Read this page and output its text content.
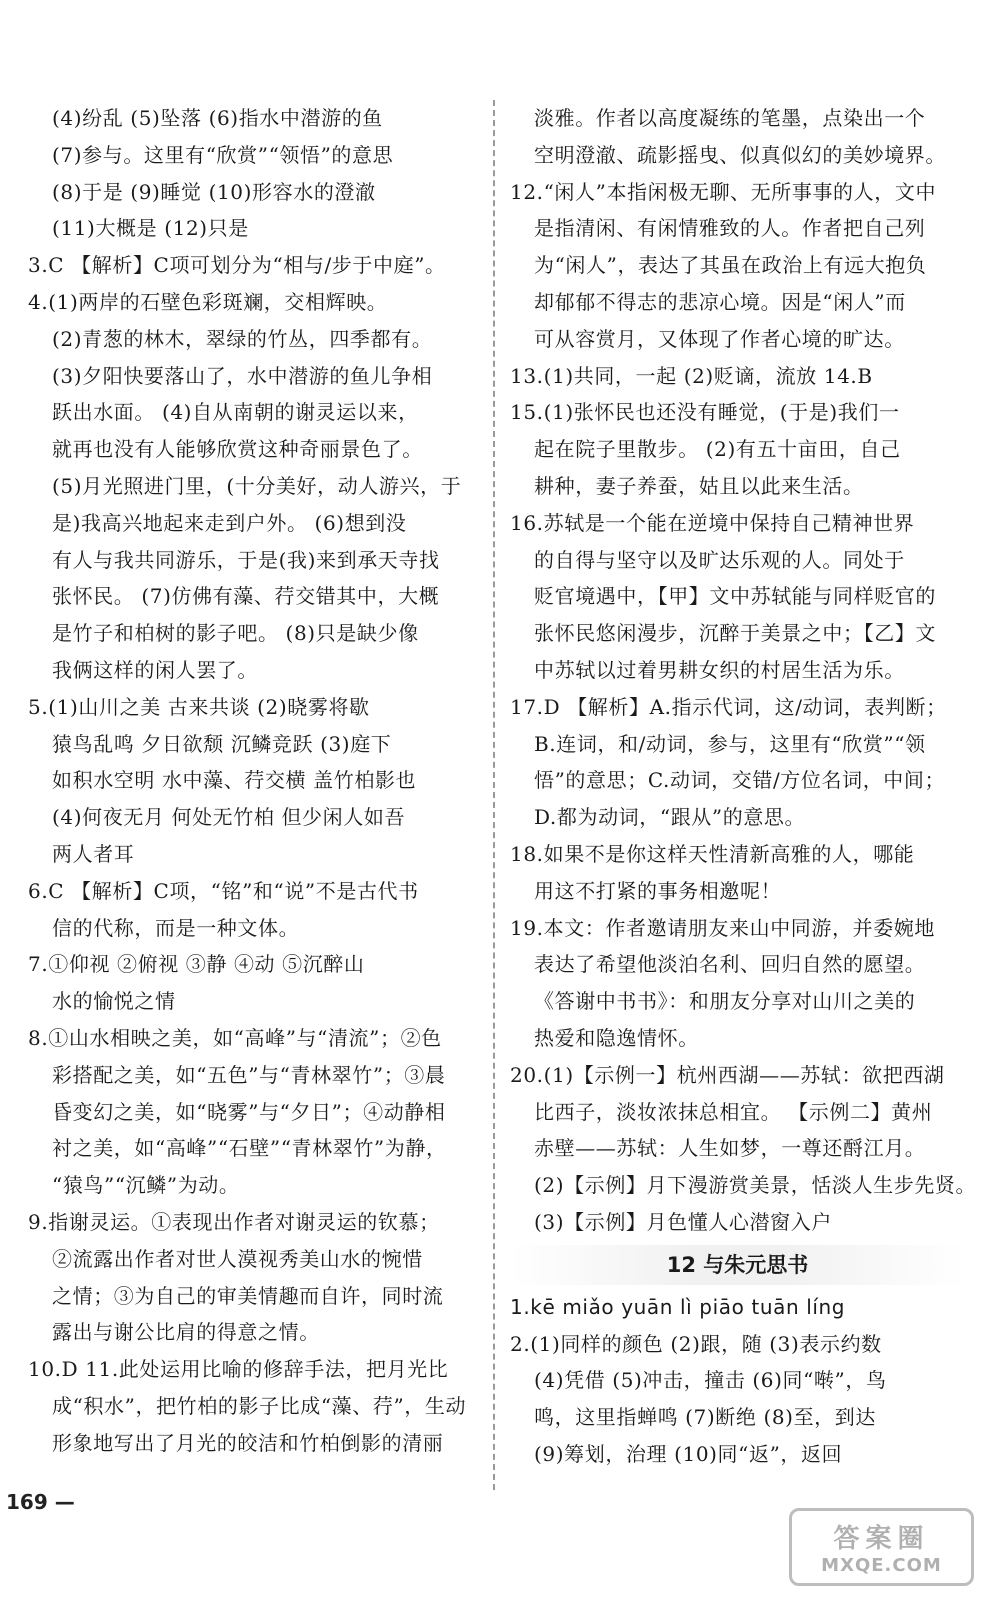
(4)纷乱 (5)坠落 (6)指水中潜游的鱼
(7)参与。这里有“欣赏”“领悟”的意思
(8)于是 (9)睡觉 (10)形容水的澄澈
(11)大概是 (12)只是
3.C 【解析】C项可划分为“相与/步于中庭”。
4.(1)两岸的石壁色彩斑斓，交相辉映。
(2)青葱的林木，翠绿的竹丛，四季都有。
(3)夕阳快要落山了，水中潜游的鱼儿争相
跃出水面。 (4)自从南朝的谢灵运以来，
就再也没有人能够欣赏这种奇丽景色了。
(5)月光照进门里，(十分美好，动人游兴，于
是)我高兴地起来走到户外。 (6)想到没
有人与我共同游乐，于是(我)来到承天寺找
张怀民。 (7)仿佛有藻、荇交错其中，大概
是竹子和柏树的影子吧。 (8)只是缺少像
我俩这样的闲人罢了。
5.(1)山川之美 古来共谈 (2)晓雾将歇
猿鸟乱鸣 夕日欲颓 沉鳞竞跃 (3)庭下
如积水空明 水中藻、荇交横 盖竹柏影也
(4)何夜无月 何处无竹柏 但少闲人如吾
两人者耳
6.C 【解析】C项，“铭”和“说”不是古代书
信的代称，而是一种文体。
7.①仰视 ②俯视 ③静 ④动 ⑤沉醉山
水的愉悦之情
8.①山水相映之美，如“高峰”与“清流”；②色
彩搭配之美，如“五色”与“青林翠竹”；③晨
昏变幻之美，如“晓雾”与“夕日”；④动静相
衬之美，如“高峰”“石壁”“青林翠竹”为静，
“猿鸟”“沉鳞”为动。
9.指谢灵运。①表现出作者对谢灵运的钦慕；
②流露出作者对世人漠视秀美山水的惋惜
之情；③为自己的审美情趣而自许，同时流
露出与谢公比肩的得意之情。
10.D 11.此处运用比喻的修辞手法，把月光比
成“积水”，把竹柏的影子比成“藻、荇”，生动
形象地写出了月光的皎洁和竹柏倒影的清丽
淡雅。作者以高度凝练的笔墨，点染出一个
空明澄澈、疏影摇曳、似真似幻的美妙境界。
12.“闲人”本指闲极无聊、无所事事的人，文中
是指清闲、有闲情雅致的人。作者把自己列
为“闲人”，表达了其虽在政治上有远大抱负
却郁郁不得志的悲凉心境。因是“闲人”而
可从容赏月，又体现了作者心境的旷达。
13.(1)共同，一起 (2)贬谪，流放 14.B
15.(1)张怀民也还没有睡觉，(于是)我们一
起在院子里散步。 (2)有五十亩田，自己
耕种，妻子养蚕，姑且以此来生活。
16.苏轼是一个能在逆境中保持自己精神世界
的自得与坚守以及旷达乐观的人。同处于
贬官境遇中，【甲】文中苏轼能与同样贬官的
张怀民悠闲漫步，沉醉于美景之中；【乙】文
中苏轼以过着男耕女织的村居生活为乐。
17.D 【解析】A.指示代词，这/动词，表判断；
B.连词，和/动词，参与，这里有“欣赏”“领
悟”的意思；C.动词，交错/方位名词，中间；
D.都为动词，“跟从”的意思。
18.如果不是你这样天性清新高雅的人，哪能
用这不打紧的事务相邀呢！
19.本文：作者邀请朋友来山中同游，并委婉地
表达了希望他淡泊名利、回归自然的愿望。
《答谢中书书》：和朋友分享对山川之美的
热爱和隐逸情怀。
20.(1)【示例一】杭州西湖——苏轼：欲把西湖
比西子，淡妆浓抹总相宜。 【示例二】黄州
赤壁——苏轼：人生如梦，一尊还酹江月。
(2)【示例】月下漫游赏美景，恬淡人生步先贤。
(3)【示例】月色懂人心潜窗入户
12 与朱元思书
1.kē miǎo yuān lì piāo tuān líng
2.(1)同样的颜色 (2)跟，随 (3)表示约数
(4)凭借 (5)冲击，撞击 (6)同“啭”，鸟
鸣，这里指蝉鸣 (7)断绝 (8)至，到达
(9)筹划，治理 (10)同“返”，返回
169 —
答案圈
MXQE.COM
